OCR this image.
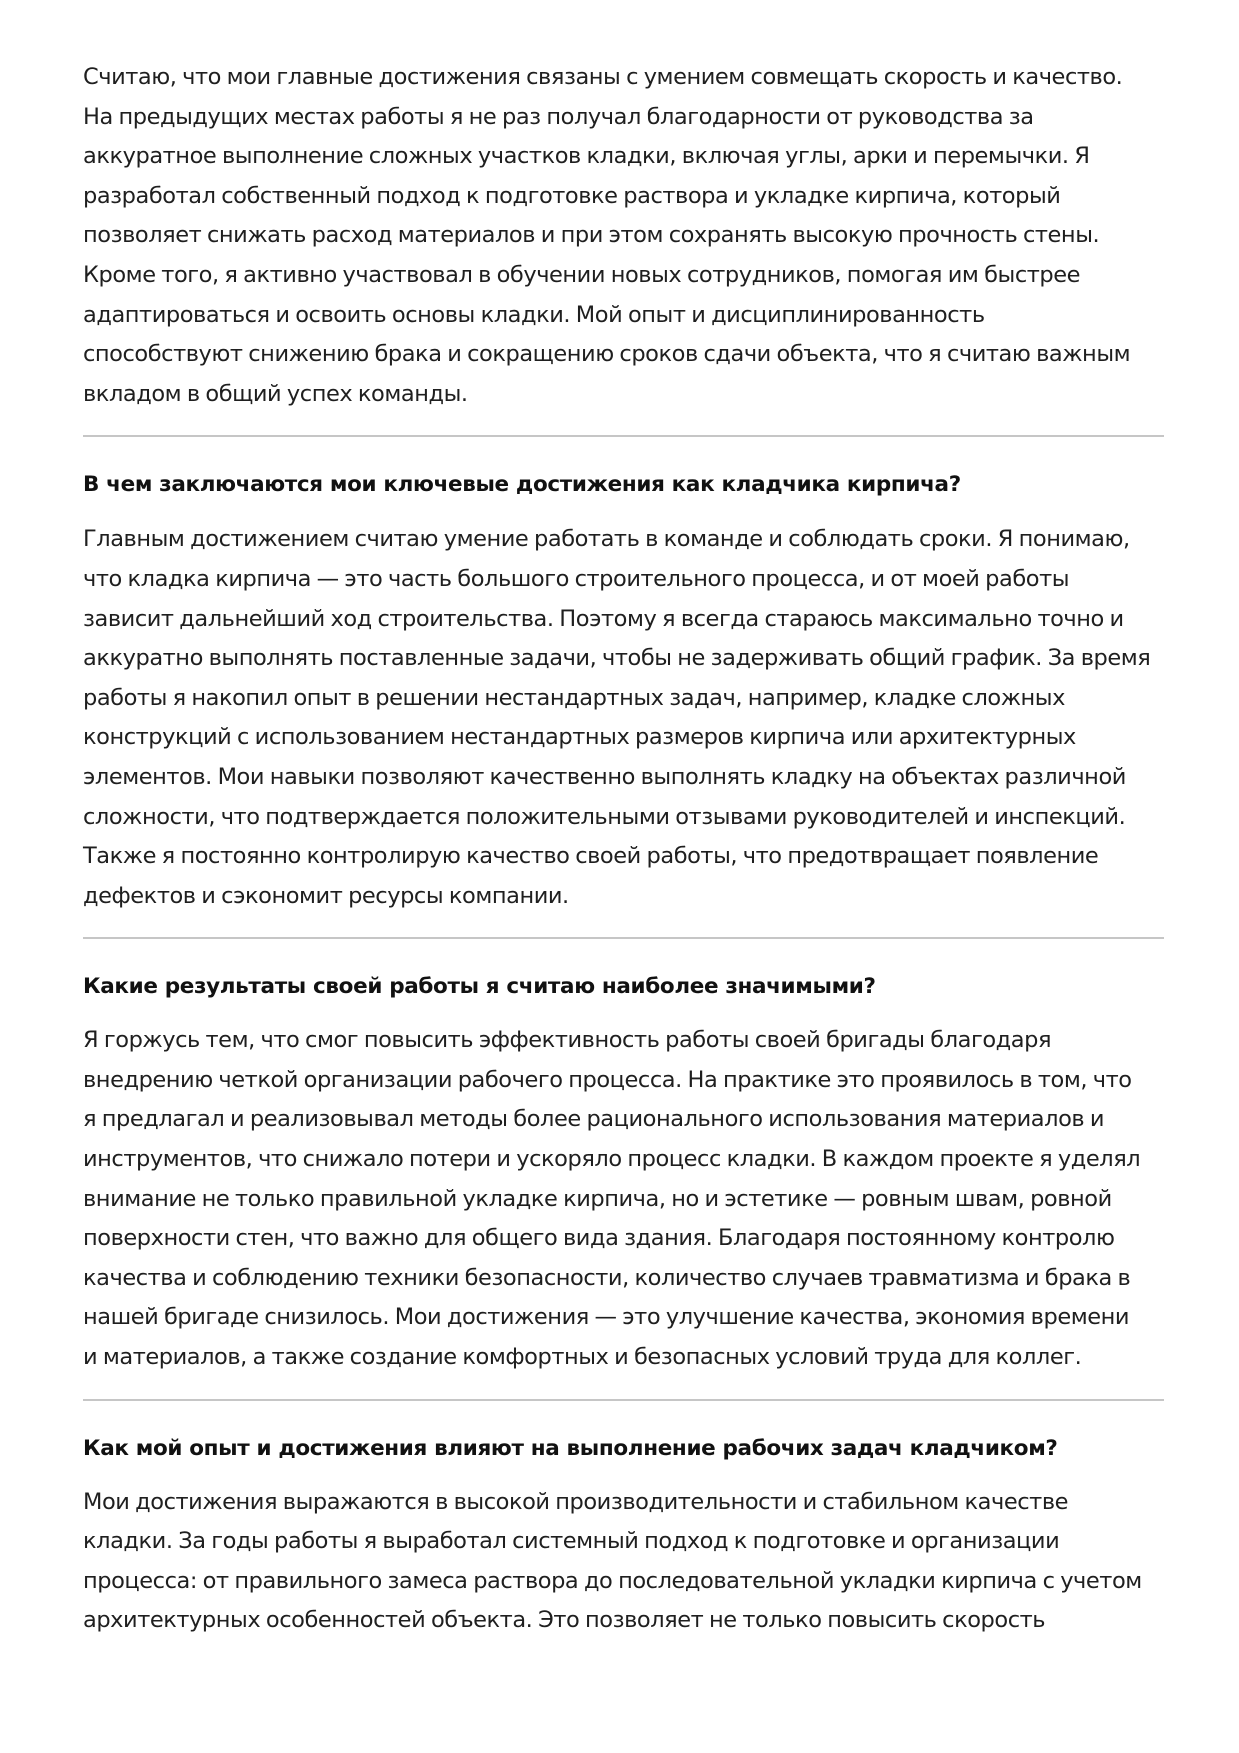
Считаю, что мои главные достижения связаны с умением совмещать скорость и качество.
На предыдущих местах работы я не раз получал благодарности от руководства за
аккуратное выполнение сложных участков кладки, включая углы, арки и перемычки. Я
разработал собственный подход к подготовке раствора и укладке кирпича, который
позволяет снижать расход материалов и при этом сохранять высокую прочность стены.
Кроме того, я активно участвовал в обучении новых сотрудников, помогая им быстрее
адаптироваться и освоить основы кладки. Мой опыт и дисциплинированность
способствуют снижению брака и сокращению сроков сдачи объекта, что я считаю важным
вкладом в общий успех команды.

В чем заключаются мои ключевые достижения как кладчика кирпича?

Главным достижением считаю умение работать в команде и соблюдать сроки. Я понимаю,
что кладка кирпича — это часть большого строительного процесса, и от моей работы
зависит дальнейший ход строительства. Поэтому я всегда стараюсь максимально точно и
аккуратно выполнять поставленные задачи, чтобы не задерживать общий график. За время
работы я накопил опыт в решении нестандартных задач, например, кладке сложных
конструкций с использованием нестандартных размеров кирпича или архитектурных
элементов. Мои навыки позволяют качественно выполнять кладку на объектах различной
сложности, что подтверждается положительными отзывами руководителей и инспекций.
Также я постоянно контролирую качество своей работы, что предотвращает появление
дефектов и сэкономит ресурсы компании.

Какие результаты своей работы я считаю наиболее значимыми?

Я горжусь тем, что смог повысить эффективность работы своей бригады благодаря
внедрению четкой организации рабочего процесса. На практике это проявилось в том, что
я предлагал и реализовывал методы более рационального использования материалов и
инструментов, что снижало потери и ускоряло процесс кладки. В каждом проекте я уделял
внимание не только правильной укладке кирпича, но и эстетике — ровным швам, ровной
поверхности стен, что важно для общего вида здания. Благодаря постоянному контролю
качества и соблюдению техники безопасности, количество случаев травматизма и брака в
нашей бригаде снизилось. Мои достижения — это улучшение качества, экономия времени
и материалов, а также создание комфортных и безопасных условий труда для коллег.

Как мой опыт и достижения влияют на выполнение рабочих задач кладчиком?

Мои достижения выражаются в высокой производительности и стабильном качестве
кладки. За годы работы я выработал системный подход к подготовке и организации
процесса: от правильного замеса раствора до последовательной укладки кирпича с учетом
архитектурных особенностей объекта. Это позволяет не только повысить скорость
